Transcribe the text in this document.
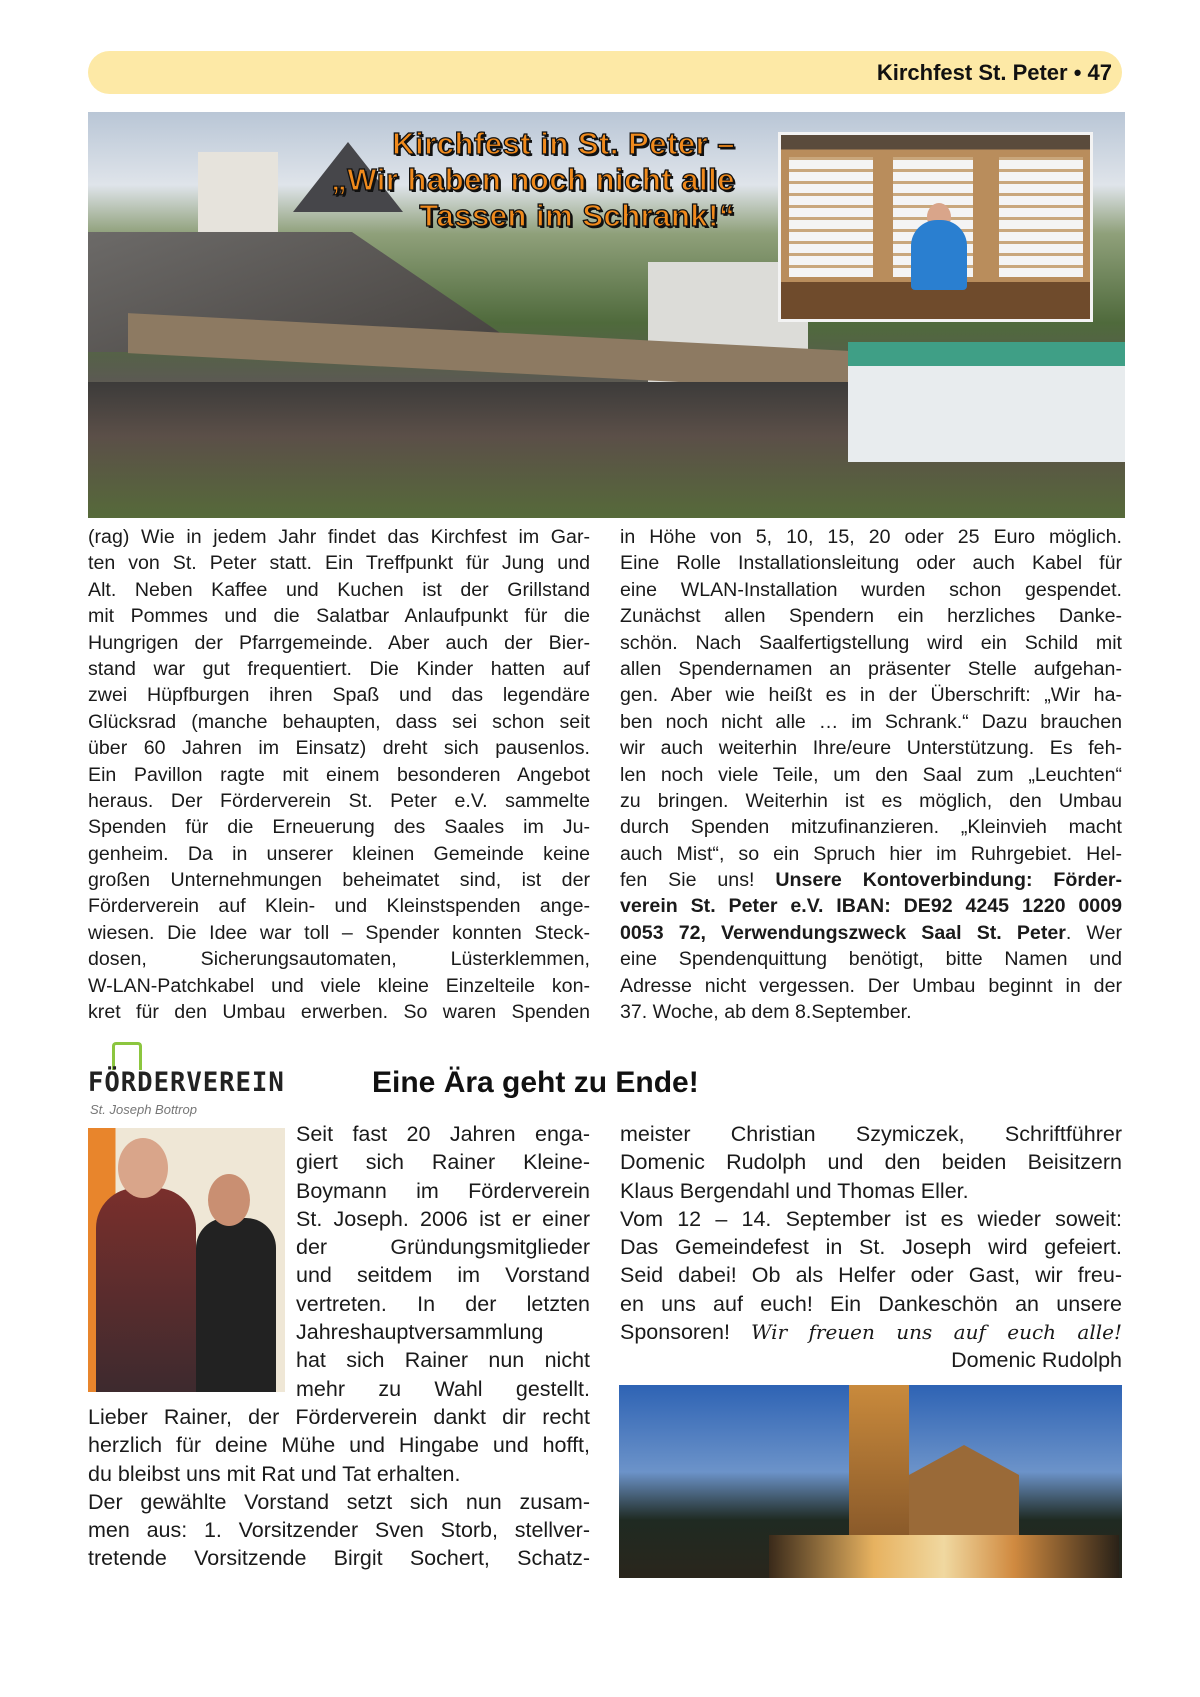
Kirchfest St. Peter • 47
Kirchfest in St. Peter –
„Wir haben noch nicht alle
Tassen im Schrank!“
(rag) Wie in jedem Jahr findet das Kirchfest im Gar-
ten von St. Peter statt. Ein Treffpunkt für Jung und
Alt. Neben Kaffee und Kuchen ist der Grillstand
mit Pommes und die Salatbar Anlaufpunkt für die
Hungrigen der Pfarrgemeinde. Aber auch der Bier-
stand war gut frequentiert. Die Kinder hatten auf
zwei Hüpfburgen ihren Spaß und das legendäre
Glücksrad (manche behaupten, dass sei schon seit
über 60 Jahren im Einsatz) dreht sich pausenlos.
Ein Pavillon ragte mit einem besonderen Angebot
heraus. Der Förderverein St. Peter e.V. sammelte
Spenden für die Erneuerung des Saales im Ju-
genheim. Da in unserer kleinen Gemeinde keine
großen Unternehmungen beheimatet sind, ist der
Förderverein auf Klein- und Kleinstspenden ange-
wiesen. Die Idee war toll – Spender konnten Steck-
dosen, Sicherungsautomaten, Lüsterklemmen,
W-LAN-Patchkabel und viele kleine Einzelteile kon-
kret für den Umbau erwerben. So waren Spenden
in Höhe von 5, 10, 15, 20 oder 25 Euro möglich.
Eine Rolle Installationsleitung oder auch Kabel für
eine WLAN-Installation wurden schon gespendet.
Zunächst allen Spendern ein herzliches Danke-
schön. Nach Saalfertigstellung wird ein Schild mit
allen Spendernamen an präsenter Stelle aufgehan-
gen. Aber wie heißt es in der Überschrift: „Wir ha-
ben noch nicht alle … im Schrank.“ Dazu brauchen
wir auch weiterhin Ihre/eure Unterstützung. Es feh-
len noch viele Teile, um den Saal zum „Leuchten“
zu bringen. Weiterhin ist es möglich, den Umbau
durch Spenden mitzufinanzieren. „Kleinvieh macht
auch Mist“, so ein Spruch hier im Ruhrgebiet. Hel-
fen Sie uns! Unsere Kontoverbindung: Förder-
verein St. Peter e.V. IBAN: DE92 4245 1220 0009
0053 72, Verwendungszweck Saal St. Peter. Wer
eine Spendenquittung benötigt, bitte Namen und
Adresse nicht vergessen. Der Umbau beginnt in der
37. Woche, ab dem 8.September.
FÖRDERVEREIN
St. Joseph Bottrop
Eine Ära geht zu Ende!
Seit fast 20 Jahren enga-
giert sich Rainer Kleine-
Boymann im Förderverein
St. Joseph. 2006 ist er einer
der Gründungsmitglieder
und seitdem im Vorstand
vertreten. In der letzten
Jahreshauptversammlung
hat sich Rainer nun nicht
mehr zu Wahl gestellt.
Lieber Rainer, der Förderverein dankt dir recht
herzlich für deine Mühe und Hingabe und hofft,
du bleibst uns mit Rat und Tat erhalten.
Der gewählte Vorstand setzt sich nun zusam-
men aus: 1. Vorsitzender Sven Storb, stellver-
tretende Vorsitzende Birgit Sochert, Schatz-
meister Christian Szymiczek, Schriftführer
Domenic Rudolph und den beiden Beisitzern
Klaus Bergendahl und Thomas Eller.
Vom 12 – 14. September ist es wieder soweit:
Das Gemeindefest in St. Joseph wird gefeiert.
Seid dabei! Ob als Helfer oder Gast, wir freu-
en uns auf euch! Ein Dankeschön an unsere
Sponsoren! Wir freuen uns auf euch alle!
Domenic Rudolph
